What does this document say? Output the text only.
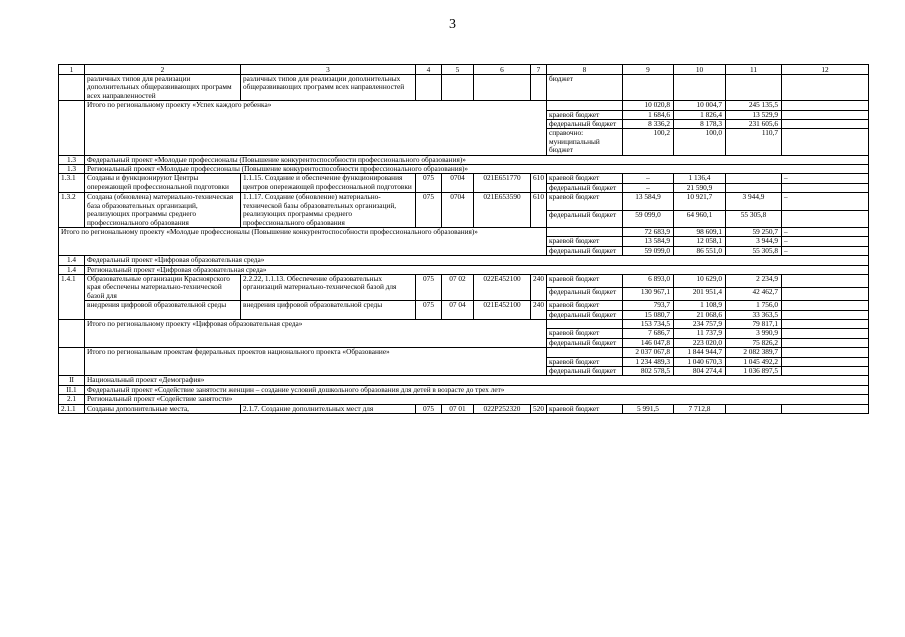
3
1	2	3	4	5	6	7	8	9	10	11	12
	различных типов для реализации дополнительных общеразвивающих программ всех направленностей	различных типов для реализации дополнительных общеразвивающих программ всех направленностей					бюджет				
	Итого по региональному проекту «Успех каждого ребенка»							10 020,8	10 004,7	245 135,5	
							краевой бюджет	1 684,6	1 826,4	13 529,9	
							федеральный бюджет	8 336,2	8 178,3	231 605,6	
							справочно: муниципальный бюджет	100,2	100,0	110,7	
1.3	Федеральный проект «Молодые профессионалы (Повышение конкурентоспособности профессионального образования)»										
1.3	Региональный проект «Молодые профессионалы (Повышение конкурентоспособности профессионального образования)»										
1.3.1	Созданы и функционируют Центры опережающей профессиональной подготовки	1.1.15. Создание и обеспечение функционирования центров опережающей профессиональной подготовки	075	0704	021E651770	610	краевой бюджет	–	1 136,4		–
							федеральный бюджет	–	21 590,9		
1.3.2	Создана (обновлена) материально-техническая база образовательных организаций, реализующих программы среднего профессионального образования	1.1.17. Создание (обновление) материально-технической базы образовательных организаций, реализующих программы среднего профессионального образования	075	0704	021E653590	610	краевой бюджет	13 584,9	10 921,7	3 944,9	–
							федеральный бюджет	59 099,0	64 960,1	55 305,8	
Итого по региональному проекту «Молодые профессионалы (Повышение конкурентоспособности профессионального образования)»								72 683,9	98 609,1	59 250,7	–
							краевой бюджет	13 584,9	12 058,1	3 944,9	–
							федеральный бюджет	59 099,0	86 551,0	55 305,8	–
1.4	Федеральный проект «Цифровая образовательная среда»										
1.4	Региональный проект «Цифровая образовательная среда»										
1.4.1	Образовательные организации Красноярского края обеспечены материально-технической базой для	2.2.22, 1.1.13. Обеспечение образовательных организаций материально-технической базой для	075	07 02	022E452100	240	краевой бюджет	6 893,0	10 629,0	2 234,9	
							федеральный бюджет	130 967,1	201 951,4	42 462,7	
	внедрения цифровой образовательной среды	внедрения цифровой образовательной среды	075	07 04	021E452100	240	краевой бюджет	793,7	1 108,9	1 756,0	
							федеральный бюджет	15 080,7	21 068,6	33 363,5	
	Итого по региональному проекту «Цифровая образовательная среда»							153 734,5	234 757,9	79 817,1	
							краевой бюджет	7 686,7	11 737,9	3 990,9	
							федеральный бюджет	146 047,8	223 020,0	75 826,2	
	Итого по региональным проектам федеральных проектов национального проекта «Образование»							2 037 067,8	1 844 944,7	2 082 389,7	
							краевой бюджет	1 234 489,3	1 040 670,3	1 045 492,2	
							федеральный бюджет	802 578,5	804 274,4	1 036 897,5	
II	Национальный проект «Демография»										
II.1	Федеральный проект «Содействие занятости женщин – создание условий дошкольного образования для детей в возрасте до трех лет»										
2.1	Региональный проект «Содействие занятости»										
2.1.1	Созданы дополнительные места,	2.1.7. Создание дополнительных мест для	075	07 01	022P252320	520	краевой бюджет	5 991,5	7 712,8		
